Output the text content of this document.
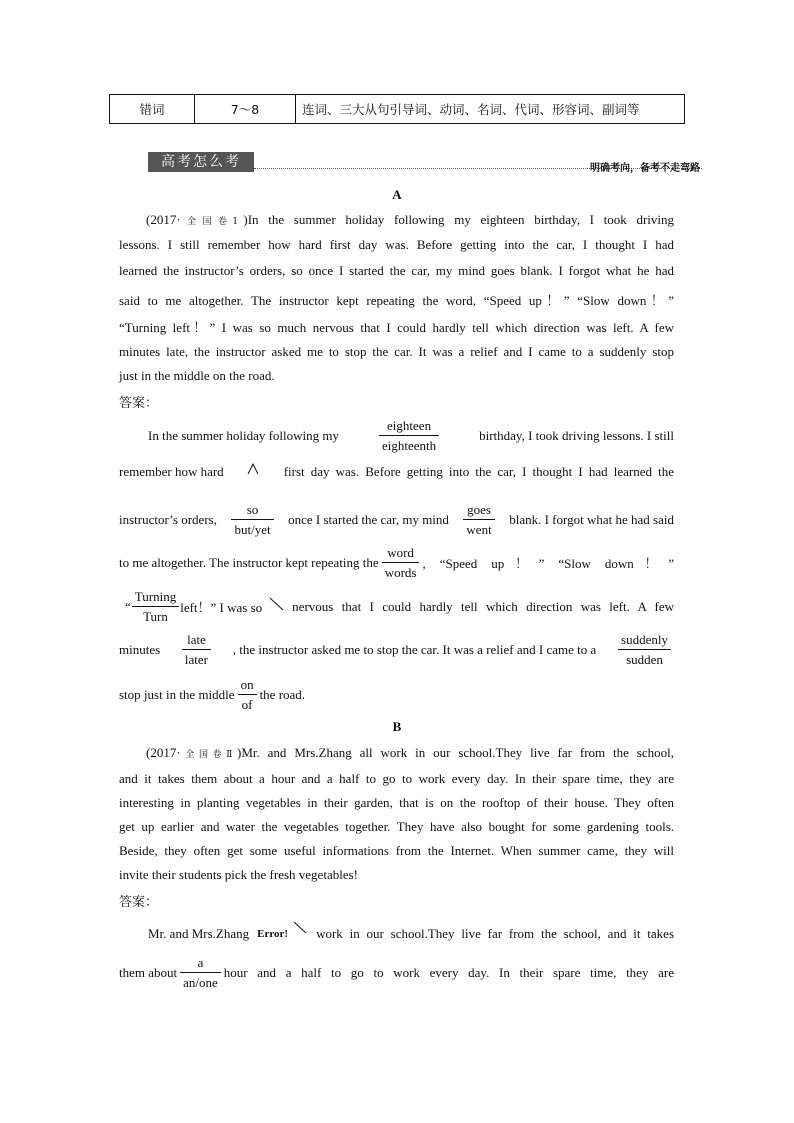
错词	7～8	连词、三大从句引导词、动词、名词、代词、形容词、副词等
高考怎么考	明确考向，备考不走弯路
A
(2017·全国卷Ⅰ)In the summer holiday following my eighteen birthday, I took driving
lessons. I still remember how hard first day was. Before getting into the car, I thought I had
learned the instructor’s orders, so once I started the car, my mind goes blank. I forgot what he had
said to me altogether. The instructor kept repeating the word, “Speed up！” “Slow down！”
“Turning left！” I was so much nervous that I could hardly tell which direction was left. A few
minutes late, the instructor asked me to stop the car. It was a relief and I came to a suddenly stop
just in the middle on the road.
答案：
In the summer holiday following my	$\frac{\text{eighteen}}{\text{eighteenth}}$	birthday, I took driving lessons. I still
remember how hard	first day was. Before getting into the car, I thought I had learned the
instructor’s orders, $\frac{so}{\text{but/yet}}$ once I started the car, my mind $\frac{\text{goes}}{\text{went}}$ blank. I forgot what he had said
to me altogether. The instructor kept repeating the $\frac{\text{word}}{\text{words}}$ , “Speed up！” “Slow down！”
“ $\frac{\text{Turning}}{\text{Turn}}$ left！” I was so nervous that I could hardly tell which direction was left. A few
minutes $\frac{\text{late}}{\text{later}}$ , the instructor asked me to stop the car. It was a relief and I came to a $\frac{\text{suddenly}}{\text{sudden}}$
stop just in the middle $\frac{on}{of}$ the road.
B
(2017·全国卷Ⅱ)Mr. and Mrs.Zhang all work in our school.They live far from the school,
and it takes them about a hour and a half to go to work every day. In their spare time, they are
interesting in planting vegetables in their garden, that is on the rooftop of their house. They often
get up earlier and water the vegetables together. They have also bought for some gardening tools.
Beside, they often get some useful informations from the Internet. When summer came, they will
invite their students pick the fresh vegetables!
答案：
Mr. and Mrs.Zhang Error! work in our school.They live far from the school, and it takes
them about $\frac{a}{\text{an/one}}$ hour and a half to go to work every day. In their spare time, they are
